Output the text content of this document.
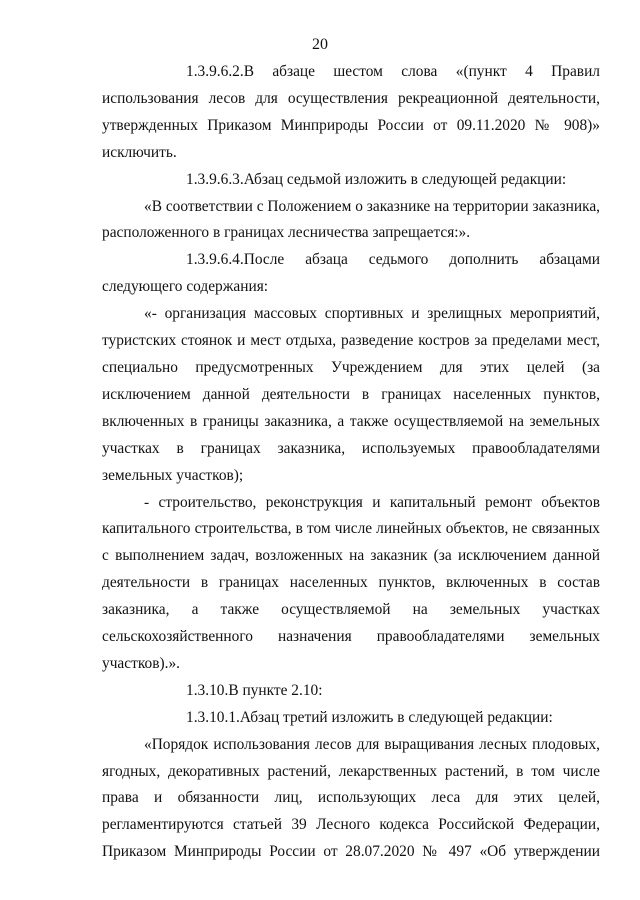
20

1.3.9.6.2.В абзаце шестом слова «(пункт 4 Правил использования лесов для осуществления рекреационной деятельности, утвержденных Приказом Минприроды России от 09.11.2020 № 908)» исключить.

1.3.9.6.3.Абзац седьмой изложить в следующей редакции:

«В соответствии с Положением о заказнике на территории заказника, расположенного в границах лесничества запрещается:».

1.3.9.6.4.После абзаца седьмого дополнить абзацами следующего содержания:

«- организация массовых спортивных и зрелищных мероприятий, туристских стоянок и мест отдыха, разведение костров за пределами мест, специально предусмотренных Учреждением для этих целей (за исключением данной деятельности в границах населенных пунктов, включенных в границы заказника, а также осуществляемой на земельных участках в границах заказника, используемых правообладателями земельных участков);

- строительство, реконструкция и капитальный ремонт объектов капитального строительства, в том числе линейных объектов, не связанных с выполнением задач, возложенных на заказник (за исключением данной деятельности в границах населенных пунктов, включенных в состав заказника, а также осуществляемой на земельных участках сельскохозяйственного назначения правообладателями земельных участков).».

1.3.10.В пункте 2.10:

1.3.10.1.Абзац третий изложить в следующей редакции:

«Порядок использования лесов для выращивания лесных плодовых, ягодных, декоративных растений, лекарственных растений, в том числе права и обязанности лиц, использующих леса для этих целей, регламентируются статьей 39 Лесного кодекса Российской Федерации, Приказом Минприроды России от 28.07.2020 № 497 «Об утверждении
